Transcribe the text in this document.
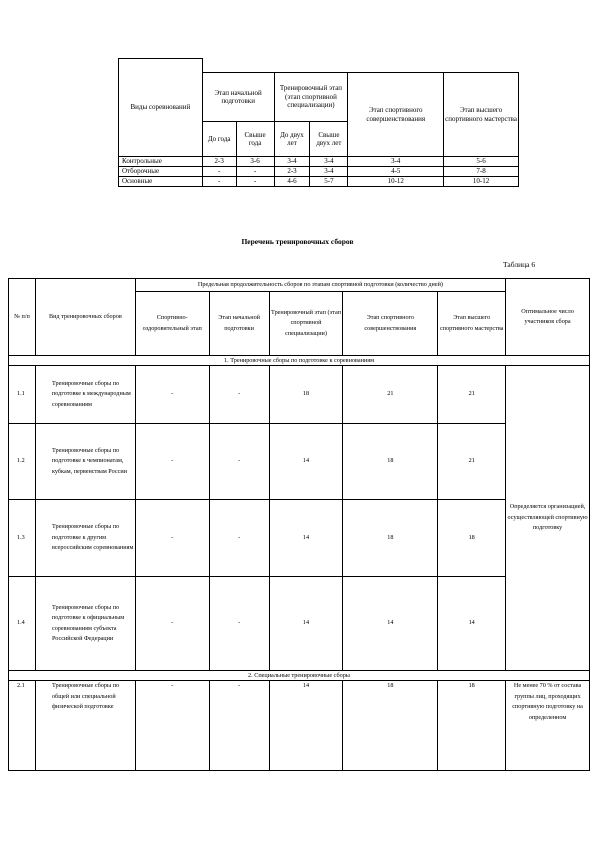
Виды соревнований						
	Этап начальной подготовки		Тренировочный этап (этап спортивной специализации)		Этап спортивного совершенствования	Этап высшего спортивного мастерства
	До года	Свыше года	До двух лет	Свыше двух лет		
Контрольные	2-3	3-6	3-4	3-4	3-4	5-6
Отборочные	-	-	2-3	3-4	4-5	7-8
Основные	-	-	4-6	5-7	10-12	10-12
Перечень тренировочных сборов
Таблица 6
№ п/п	Вид тренировочных сборов	Предельная продолжительность сборов по этапам спортивной подготовки (количество дней)					Оптимальное число участников сбора
		Спортивно-оздоровительный этап	Этап начальной подготовки	Тренировочный этап (этап спортивной специализации)	Этап спортивного совершенствования	Этап высшего спортивного мастерства	
1. Тренировочные сборы по подготовке к соревнованиям							
1.1	Тренировочные сборы по подготовке к международным соревнованиям	-	-	18	21	21	Определяется организацией, осуществляющей спортивную подготовку
1.2	Тренировочные сборы по подготовке к чемпионатам, кубкам, первенствам России	-	-	14	18	21	
1.3	Тренировочные сборы по подготовке к другим всероссийским соревнованиям	-	-	14	18	18	
1.4	Тренировочные сборы по подготовке к официальным соревнованиям субъекта Российской Федерации	-	-	14	14	14	
2. Специальные тренировочные сборы							
2.1	Тренировочные сборы по общей или специальной физической подготовке	-	-	14	18	18	Не менее 70 % от состава группы лиц, проходящих спортивную подготовку на определенном
